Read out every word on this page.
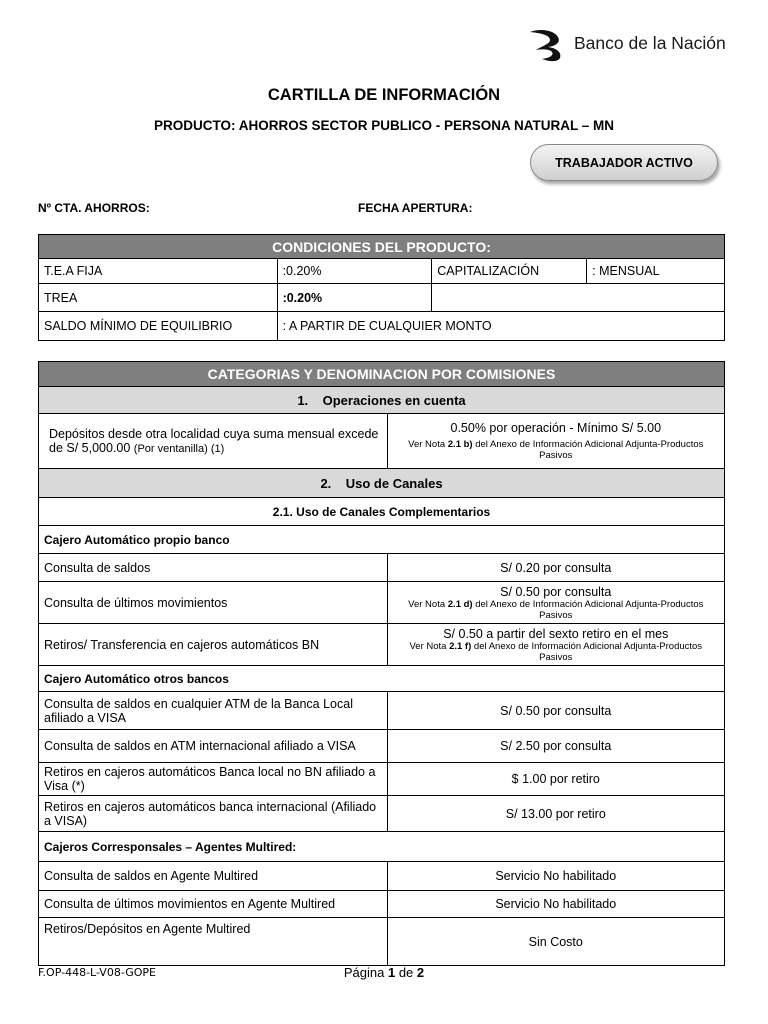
Banco de la Nación
CARTILLA DE INFORMACIÓN
PRODUCTO: AHORROS SECTOR PUBLICO - PERSONA NATURAL – MN
TRABAJADOR ACTIVO
Nº CTA. AHORROS:	FECHA APERTURA:
CONDICIONES DEL PRODUCTO:			
T.E.A FIJA	:0.20%	CAPITALIZACIÓN	: MENSUAL
TREA	:0.20%		
SALDO MÍNIMO DE EQUILIBRIO	: A PARTIR DE CUALQUIER MONTO		
CATEGORIAS Y DENOMINACION POR COMISIONES	
1. Operaciones en cuenta	
Depósitos desde otra localidad cuya suma mensual excede de S/ 5,000.00 (Por ventanilla) (1)	0.50% por operación - Mínimo S/ 5.00
Ver Nota 2.1 b) del Anexo de Información Adicional Adjunta-Productos Pasivos

2. Uso de Canales	
2.1. Uso de Canales Complementarios	
Cajero Automático propio banco	
Consulta de saldos	S/ 0.20 por consulta
Consulta de últimos movimientos	S/ 0.50 por consulta
Ver Nota 2.1 d) del Anexo de Información Adicional Adjunta-Productos Pasivos

Retiros/ Transferencia en cajeros automáticos BN	S/ 0.50 a partir del sexto retiro en el mes
Ver Nota 2.1 f) del Anexo de Información Adicional Adjunta-Productos Pasivos

Cajero Automático otros bancos	
Consulta de saldos en cualquier ATM de la Banca Local afiliado a VISA	S/ 0.50 por consulta
Consulta de saldos en ATM internacional afiliado a VISA	S/ 2.50 por consulta
Retiros en cajeros automáticos Banca local no BN afiliado a Visa (*)	$ 1.00 por retiro
Retiros en cajeros automáticos banca internacional (Afiliado a VISA)	S/ 13.00 por retiro
Cajeros Corresponsales – Agentes Multired:	
Consulta de saldos en Agente Multired	Servicio No habilitado
Consulta de últimos movimientos en Agente Multired	Servicio No habilitado
Retiros/Depósitos en Agente Multired	Sin Costo
F.OP-448-L-V08-GOPE	Página 1 de 2
